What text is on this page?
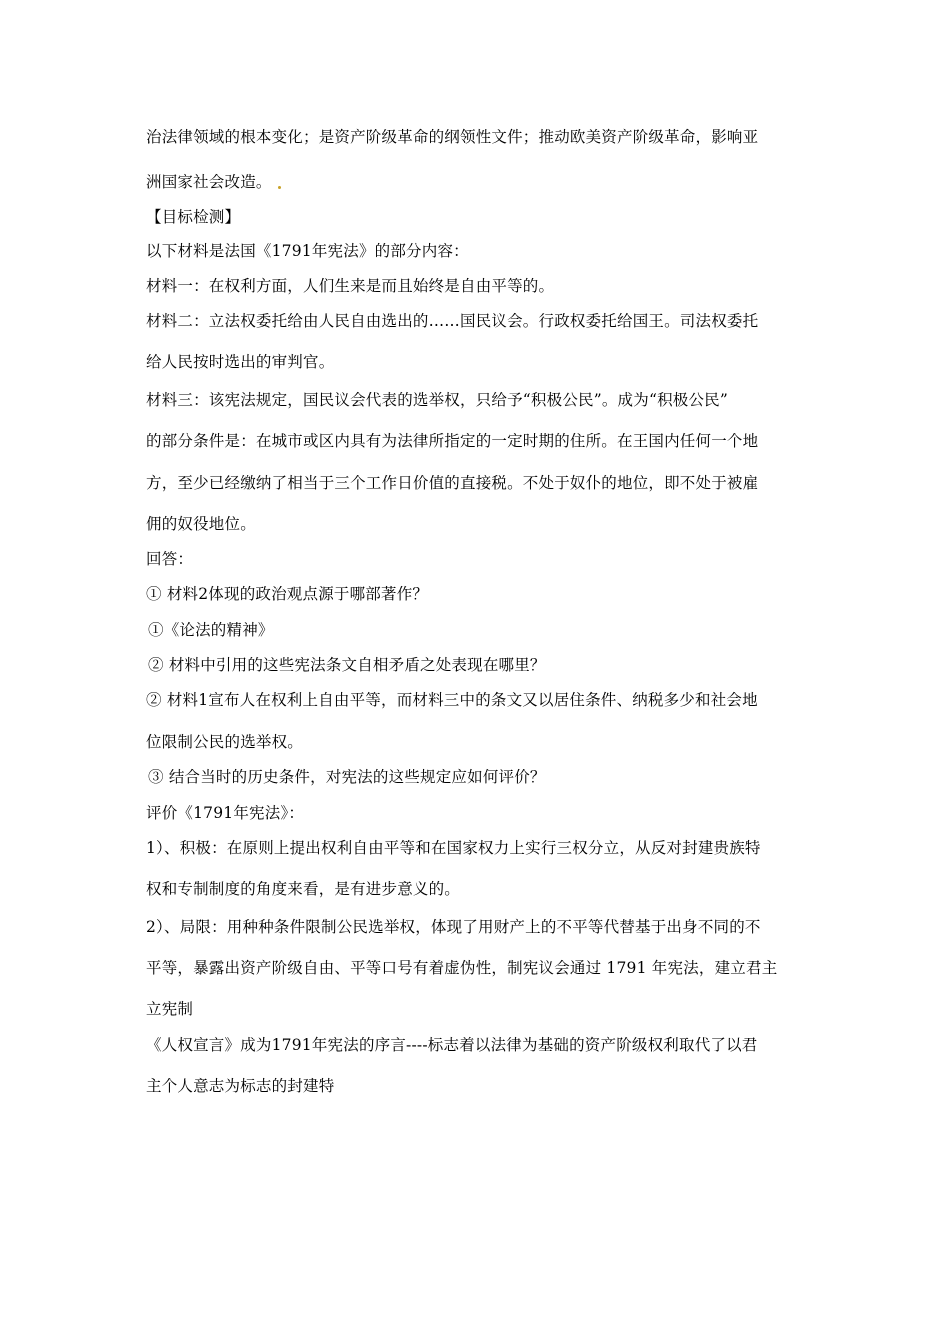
治法律领域的根本变化；是资产阶级革命的纲领性文件；推动欧美资产阶级革命，影响亚
洲国家社会改造。
【目标检测】
以下材料是法国《1791年宪法》的部分内容：
材料一：在权利方面，人们生来是而且始终是自由平等的。
材料二：立法权委托给由人民自由选出的……国民议会。行政权委托给国王。司法权委托
给人民按时选出的审判官。
材料三：该宪法规定，国民议会代表的选举权，只给予“积极公民”。成为“积极公民”
的部分条件是：在城市或区内具有为法律所指定的一定时期的住所。在王国内任何一个地
方，至少已经缴纳了相当于三个工作日价值的直接税。不处于奴仆的地位，即不处于被雇
佣的奴役地位。
回答：
① 材料2体现的政治观点源于哪部著作？
①《论法的精神》
② 材料中引用的这些宪法条文自相矛盾之处表现在哪里？
② 材料1宣布人在权利上自由平等，而材料三中的条文又以居住条件、纳税多少和社会地
位限制公民的选举权。
③ 结合当时的历史条件，对宪法的这些规定应如何评价？
评价《1791年宪法》：
1）、积极：在原则上提出权利自由平等和在国家权力上实行三权分立，从反对封建贵族特
权和专制制度的角度来看，是有进步意义的。
2）、局限：用种种条件限制公民选举权，体现了用财产上的不平等代替基于出身不同的不
平等，暴露出资产阶级自由、平等口号有着虚伪性，制宪议会通过 1791 年宪法，建立君主
立宪制
《人权宣言》成为1791年宪法的序言----标志着以法律为基础的资产阶级权利取代了以君
主个人意志为标志的封建特
